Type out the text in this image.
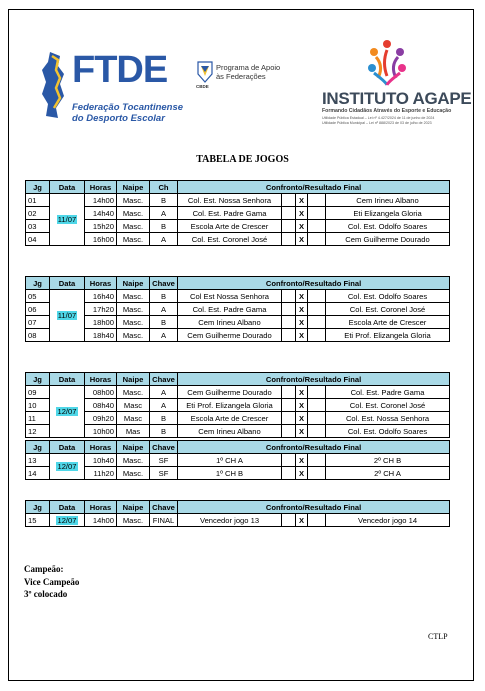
FTDE
Federação Tocantinense
do Desporto Escolar
CBDE
Programa de Apoio
às Federações
INSTITUTO AGAPE
Formando Cidadãos Através do Esporte e Educação
Utilidade Pública Estadual – Lei nº 4.427/2024 de 11 de junho de 2024
Utilidade Pública Municipal – Lei nº 888/2023 de 03 de julho de 2023
TABELA DE JOGOS
Jg	Data	Horas	Naipe	Ch	Confronto/Resultado Final				
01	11/07	14h00	Masc.	B	Col. Est. Nossa Senhora		X		Cem Irineu Albano
02		14h40	Masc.	A	Col. Est. Padre Gama		X		Eti Elizangela Gloria
03		15h20	Masc.	B	Escola Arte de Crescer		X		Col. Est. Odolfo Soares
04		16h00	Masc.	A	Col. Est. Coronel José		X		Cem Guilherme Dourado
Jg	Data	Horas	Naipe	Chave	Confronto/Resultado Final				
05	11/07	16h40	Masc.	B	Col Est Nossa Senhora		X		Col. Est. Odolfo Soares
06		17h20	Masc.	A	Col. Est. Padre Gama		X		Col. Est. Coronel José
07		18h00	Masc.	B	Cem Irineu Albano		X		Escola Arte de Crescer
08		18h40	Masc.	A	Cem Guilherme Dourado		X		Eti Prof. Elizangela Gloria
Jg	Data	Horas	Naipe	Chave	Confronto/Resultado Final				
09	12/07	08h00	Masc.	A	Cem Guilherme Dourado		X		Col. Est. Padre Gama
10		08h40	Masc	A	Eti Prof. Elizangela Gloria		X		Col. Est. Coronel José
11		09h20	Masc	B	Escola Arte de Crescer		X		Col. Est. Nossa Senhora
12		10h00	Mas	B	Cem Irineu Albano		X		Col. Est. Odolfo Soares
Jg	Data	Horas	Naipe	Chave	Confronto/Resultado Final				
13	12/07	10h40	Masc.	SF	1º CH A		X		2º CH B
14		11h20	Masc.	SF	1º CH B		X		2º CH A
Jg	Data	Horas	Naipe	Chave	Confronto/Resultado Final				
15	12/07	14h00	Masc.	FINAL	Vencedor jogo 13		X		Vencedor jogo 14
Campeão:
Vice Campeão
3º colocado
CTLP
